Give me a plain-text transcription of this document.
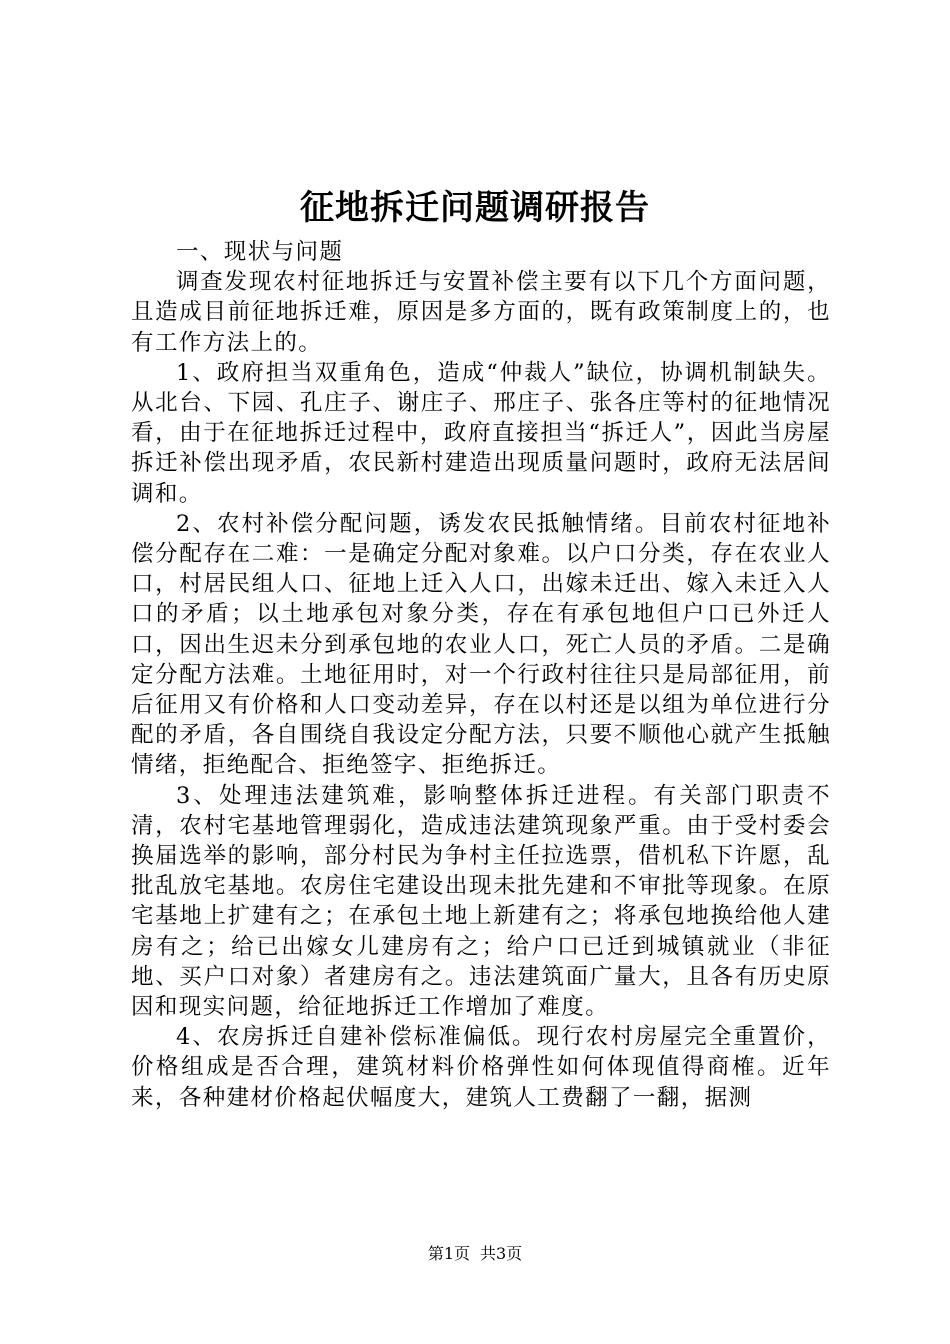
征地拆迁问题调研报告

一、现状与问题

调查发现农村征地拆迁与安置补偿主要有以下几个方面问题，且造成目前征地拆迁难，原因是多方面的，既有政策制度上的，也有工作方法上的。

1、政府担当双重角色，造成“仲裁人”缺位，协调机制缺失。从北台、下园、孔庄子、谢庄子、邢庄子、张各庄等村的征地情况看，由于在征地拆迁过程中，政府直接担当“拆迁人”，因此当房屋拆迁补偿出现矛盾，农民新村建造出现质量问题时，政府无法居间调和。

2、农村补偿分配问题，诱发农民抵触情绪。目前农村征地补偿分配存在二难：一是确定分配对象难。以户口分类，存在农业人口，村居民组人口、征地上迁入人口，出嫁未迁出、嫁入未迁入人口的矛盾；以土地承包对象分类，存在有承包地但户口已外迁人口，因出生迟未分到承包地的农业人口，死亡人员的矛盾。二是确定分配方法难。土地征用时，对一个行政村往往只是局部征用，前后征用又有价格和人口变动差异，存在以村还是以组为单位进行分配的矛盾，各自围绕自我设定分配方法，只要不顺他心就产生抵触情绪，拒绝配合、拒绝签字、拒绝拆迁。

3、处理违法建筑难，影响整体拆迁进程。有关部门职责不清，农村宅基地管理弱化，造成违法建筑现象严重。由于受村委会换届选举的影响，部分村民为争村主任拉选票，借机私下许愿，乱批乱放宅基地。农房住宅建设出现未批先建和不审批等现象。在原宅基地上扩建有之；在承包土地上新建有之；将承包地换给他人建房有之；给已出嫁女儿建房有之；给户口已迁到城镇就业（非征地、买户口对象）者建房有之。违法建筑面广量大，且各有历史原因和现实问题，给征地拆迁工作增加了难度。

4、农房拆迁自建补偿标准偏低。现行农村房屋完全重置价，价格组成是否合理，建筑材料价格弹性如何体现值得商榷。近年来，各种建材价格起伏幅度大，建筑人工费翻了一翻，据测

第1页 共3页
